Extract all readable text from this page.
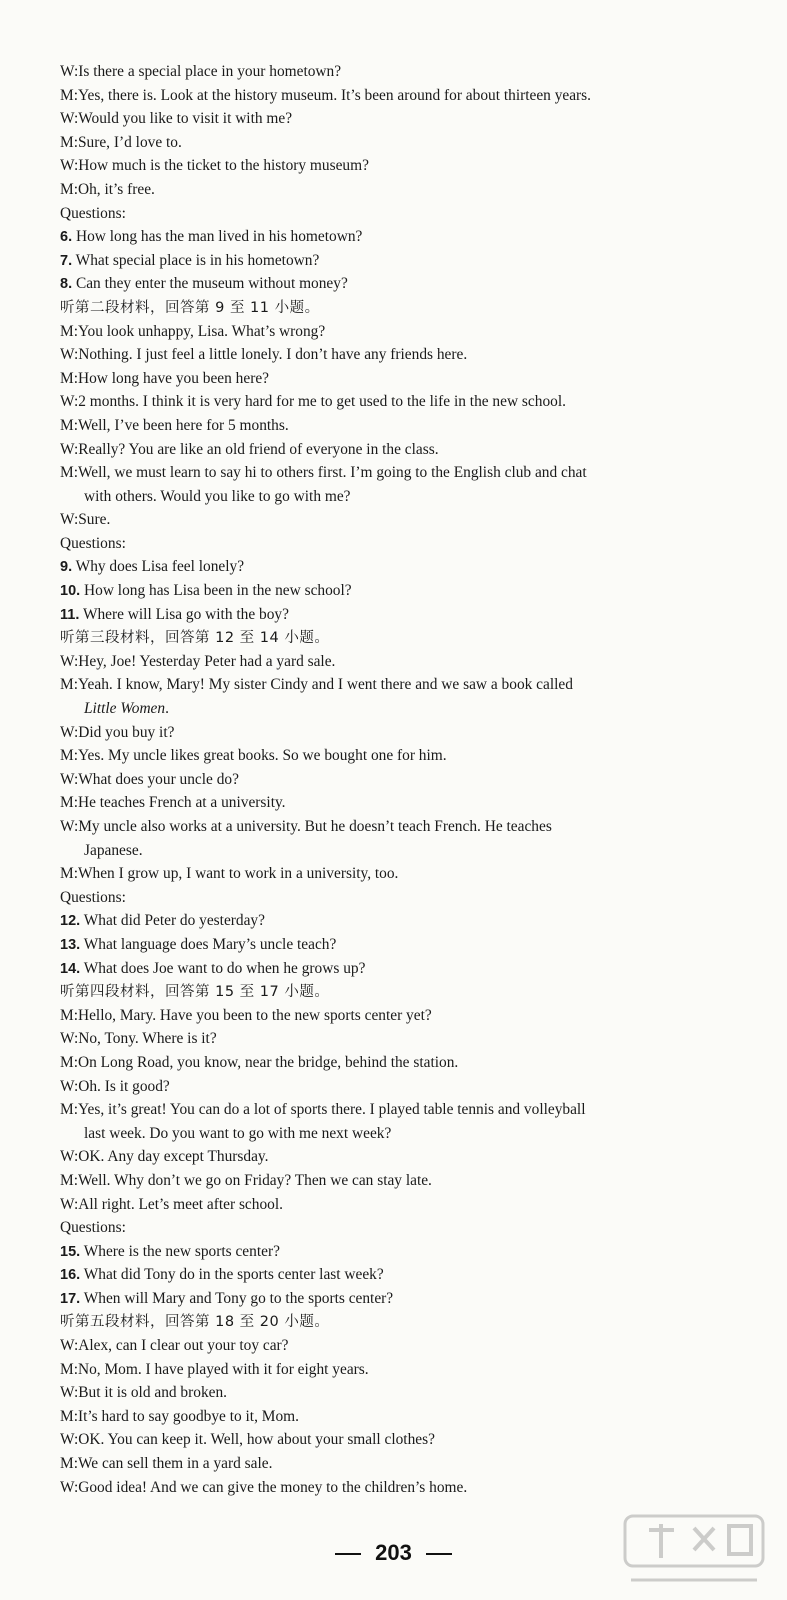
W:Is there a special place in your hometown?
M:Yes, there is. Look at the history museum. It’s been around for about thirteen years.
W:Would you like to visit it with me?
M:Sure, I’d love to.
W:How much is the ticket to the history museum?
M:Oh, it’s free.
Questions:
6. How long has the man lived in his hometown?
7. What special place is in his hometown?
8. Can they enter the museum without money?
听第二段材料，回答第 9 至 11 小题。
M:You look unhappy, Lisa. What’s wrong?
W:Nothing. I just feel a little lonely. I don’t have any friends here.
M:How long have you been here?
W:2 months. I think it is very hard for me to get used to the life in the new school.
M:Well, I’ve been here for 5 months.
W:Really? You are like an old friend of everyone in the class.
M:Well, we must learn to say hi to others first. I’m going to the English club and chat
with others. Would you like to go with me?
W:Sure.
Questions:
9. Why does Lisa feel lonely?
10. How long has Lisa been in the new school?
11. Where will Lisa go with the boy?
听第三段材料，回答第 12 至 14 小题。
W:Hey, Joe! Yesterday Peter had a yard sale.
M:Yeah. I know, Mary! My sister Cindy and I went there and we saw a book called
Little Women.
W:Did you buy it?
M:Yes. My uncle likes great books. So we bought one for him.
W:What does your uncle do?
M:He teaches French at a university.
W:My uncle also works at a university. But he doesn’t teach French. He teaches
Japanese.
M:When I grow up, I want to work in a university, too.
Questions:
12. What did Peter do yesterday?
13. What language does Mary’s uncle teach?
14. What does Joe want to do when he grows up?
听第四段材料，回答第 15 至 17 小题。
M:Hello, Mary. Have you been to the new sports center yet?
W:No, Tony. Where is it?
M:On Long Road, you know, near the bridge, behind the station.
W:Oh. Is it good?
M:Yes, it’s great! You can do a lot of sports there. I played table tennis and volleyball
last week. Do you want to go with me next week?
W:OK. Any day except Thursday.
M:Well. Why don’t we go on Friday? Then we can stay late.
W:All right. Let’s meet after school.
Questions:
15. Where is the new sports center?
16. What did Tony do in the sports center last week?
17. When will Mary and Tony go to the sports center?
听第五段材料，回答第 18 至 20 小题。
W:Alex, can I clear out your toy car?
M:No, Mom. I have played with it for eight years.
W:But it is old and broken.
M:It’s hard to say goodbye to it, Mom.
W:OK. You can keep it. Well, how about your small clothes?
M:We can sell them in a yard sale.
W:Good idea! And we can give the money to the children’s home.
203
